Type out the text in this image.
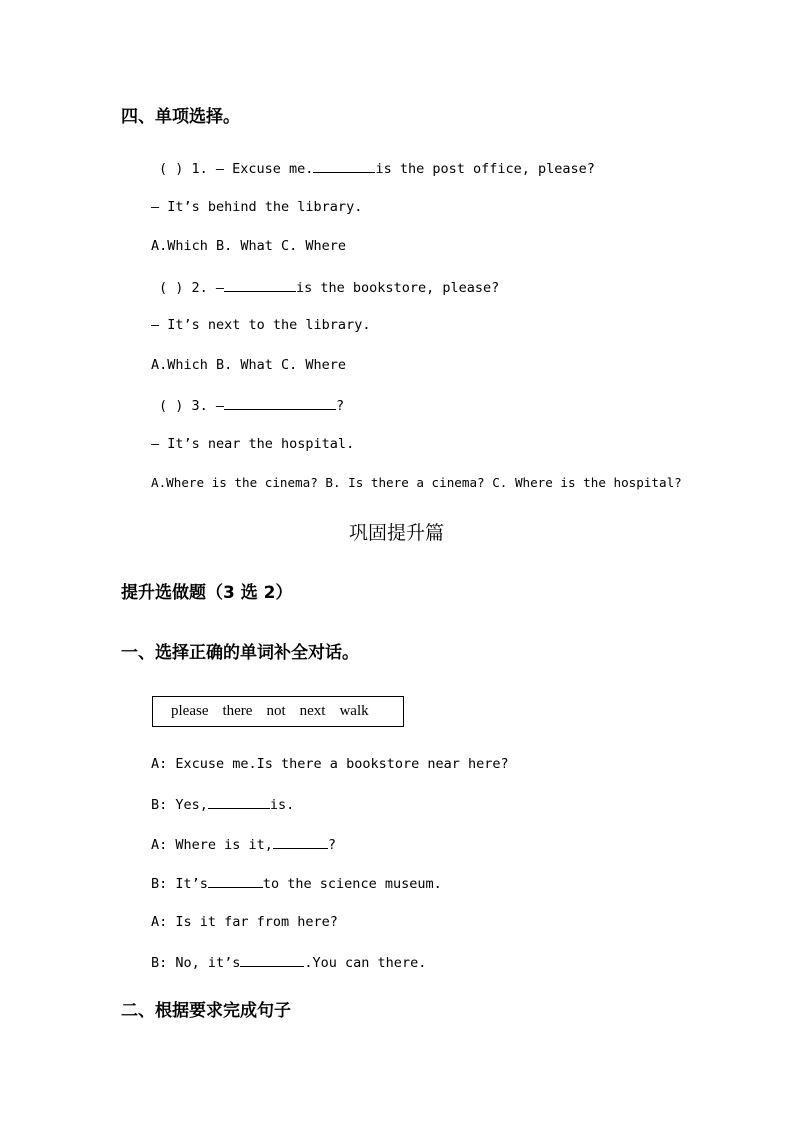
四、单项选择。
( ) 1. — Excuse me.	is the post office, please?
— It’s behind the library.
A.Which B. What C. Where
( ) 2. —	is the bookstore, please?
— It’s next to the library.
A.Which B. What C. Where
( ) 3. —	?
— It’s near the hospital.
A.Where is the cinema? B. Is there a cinema? C. Where is the hospital?
巩固提升篇
提升选做题（3 选 2）
一、选择正确的单词补全对话。
please there not next walk
A: Excuse me.Is there a bookstore near here?
B: Yes,	is.
A: Where is it,	?
B: It’s	to the science museum.
A: Is it far from here?
B: No, it’s	.You can there.
二、根据要求完成句子
